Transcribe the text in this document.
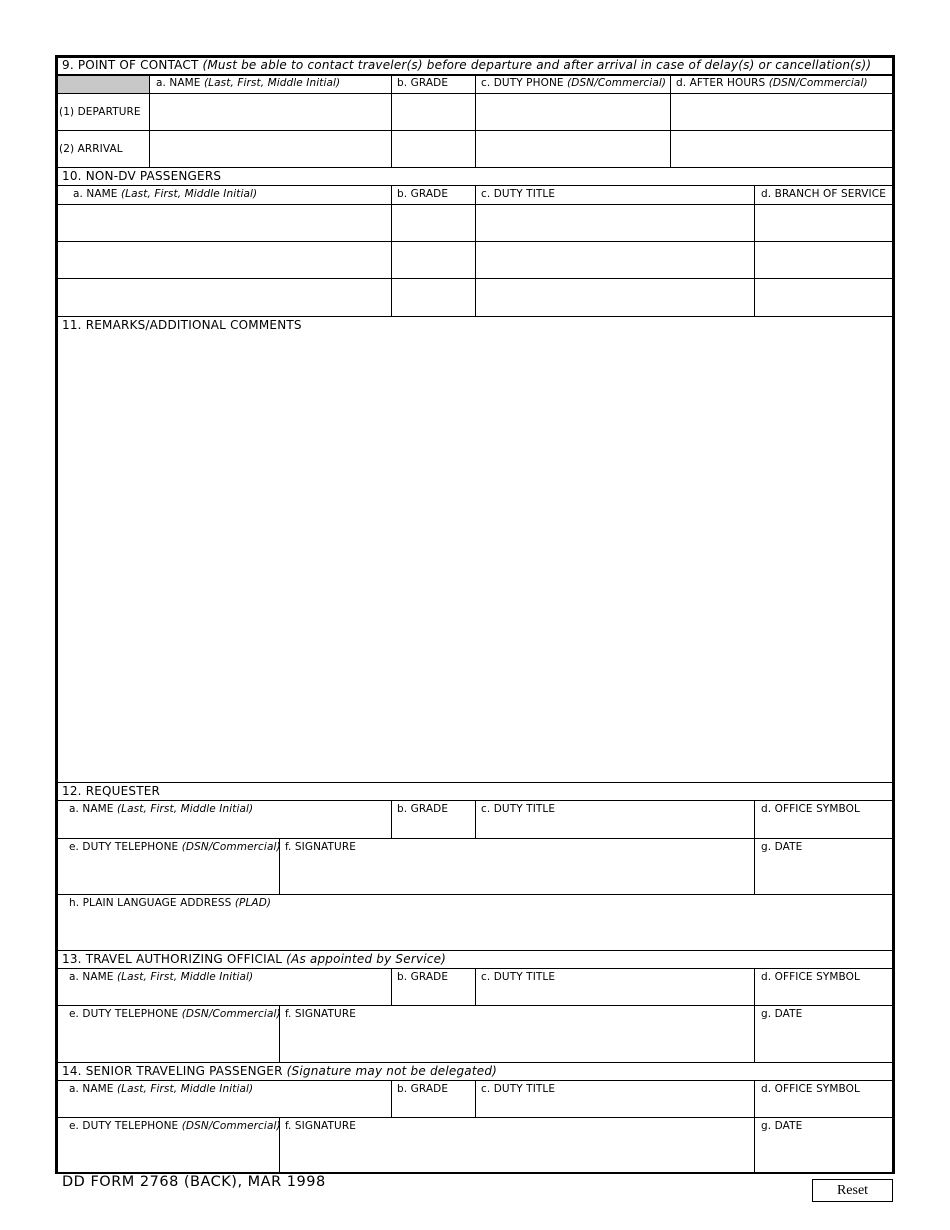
9. POINT OF CONTACT (Must be able to contact traveler(s) before departure and after arrival in case of delay(s) or cancellation(s))
a. NAME (Last, First, Middle Initial)	b. GRADE	c. DUTY PHONE (DSN/Commercial) d. AFTER HOURS (DSN/Commercial)
(1) DEPARTURE
(2) ARRIVAL
10. NON-DV PASSENGERS
a. NAME (Last, First, Middle Initial)	b. GRADE	c. DUTY TITLE	d. BRANCH OF SERVICE
11. REMARKS/ADDITIONAL COMMENTS
12. REQUESTER
a. NAME (Last, First, Middle Initial)	b. GRADE	c. DUTY TITLE	d. OFFICE SYMBOL
e. DUTY TELEPHONE (DSN/Commercial) f. SIGNATURE	g. DATE
h. PLAIN LANGUAGE ADDRESS (PLAD)
13. TRAVEL AUTHORIZING OFFICIAL (As appointed by Service)
a. NAME (Last, First, Middle Initial)	b. GRADE	c. DUTY TITLE	d. OFFICE SYMBOL
e. DUTY TELEPHONE (DSN/Commercial) f. SIGNATURE	g. DATE
14. SENIOR TRAVELING PASSENGER (Signature may not be delegated)
a. NAME (Last, First, Middle Initial)	b. GRADE	c. DUTY TITLE	d. OFFICE SYMBOL
e. DUTY TELEPHONE (DSN/Commercial) f. SIGNATURE	g. DATE
DD FORM 2768 (BACK), MAR 1998	Reset
